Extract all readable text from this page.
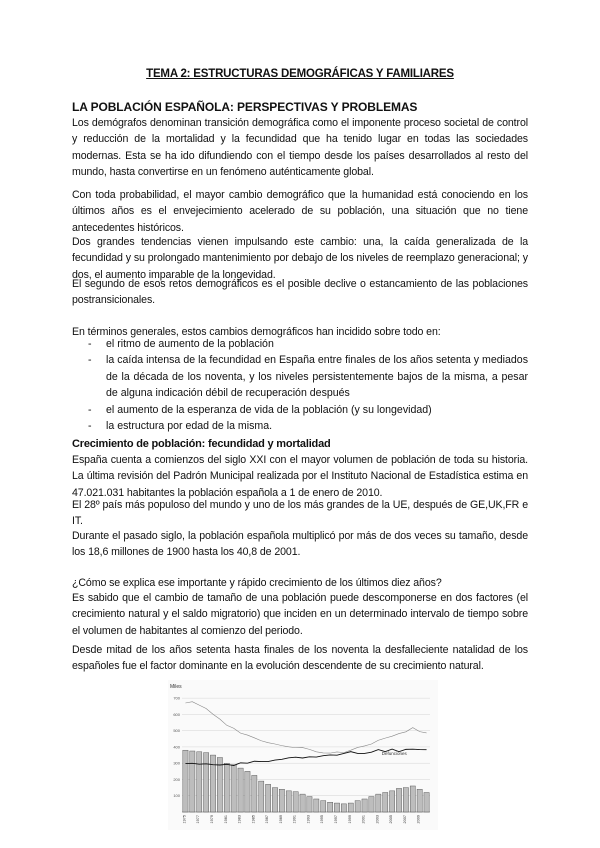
TEMA 2: ESTRUCTURAS DEMOGRÁFICAS Y FAMILIARES
LA POBLACIÓN ESPAÑOLA: PERSPECTIVAS Y PROBLEMAS

Los demógrafos denominan transición demográfica como el imponente proceso societal de control y reducción de la mortalidad y la fecundidad que ha tenido lugar en todas las sociedades modernas. Esta se ha ido difundiendo con el tiempo desde los países desarrollados al resto del mundo, hasta convertirse en un fenómeno auténticamente global.

Con toda probabilidad, el mayor cambio demográfico que la humanidad está conociendo en los últimos años es el envejecimiento acelerado de su población, una situación que no tiene antecedentes históricos.

Dos grandes tendencias vienen impulsando este cambio: una, la caída generalizada de la fecundidad y su prolongado mantenimiento por debajo de los niveles de reemplazo generacional; y dos, el aumento imparable de la longevidad.

El segundo de esos retos demográficos es el posible declive o estancamiento de las poblaciones postransicionales.

En términos generales, estos cambios demográficos han incidido sobre todo en:

- el ritmo de aumento de la población
- la caída intensa de la fecundidad en España entre finales de los años setenta y mediados de la década de los noventa, y los niveles persistentemente bajos de la misma, a pesar de alguna indicación débil de recuperación después
- el aumento de la esperanza de vida de la población (y su longevidad)
- la estructura por edad de la misma.
Crecimiento de población: fecundidad y mortalidad

España cuenta a comienzos del siglo XXI con el mayor volumen de población de toda su historia. La última revisión del Padrón Municipal realizada por el Instituto Nacional de Estadística estima en 47.021.031 habitantes la población española a 1 de enero de 2010.

El 28º país más populoso del mundo y uno de los más grandes de la UE, después de GE,UK,FR e IT.

Durante el pasado siglo, la población española multiplicó por más de dos veces su tamaño, desde los 18,6 millones de 1900 hasta los 40,8 de 2001.

¿Cómo se explica ese importante y rápido crecimiento de los últimos diez años?

Es sabido que el cambio de tamaño de una población puede descomponerse en dos factores (el crecimiento natural y el saldo migratorio) que inciden en un determinado intervalo de tiempo sobre el volumen de habitantes al comienzo del periodo.

Desde mitad de los años setenta hasta finales de los noventa la desfalleciente natalidad de los españoles fue el factor dominante en la evolución descendente de su crecimiento natural.

Miles
700
600
500
400
300
200
100
1975	1977	1979	1981	1983	1985	1987	1989	1991	1993	1995	1997	1999	2001	2003	2005	2007	2009
Defunciones
